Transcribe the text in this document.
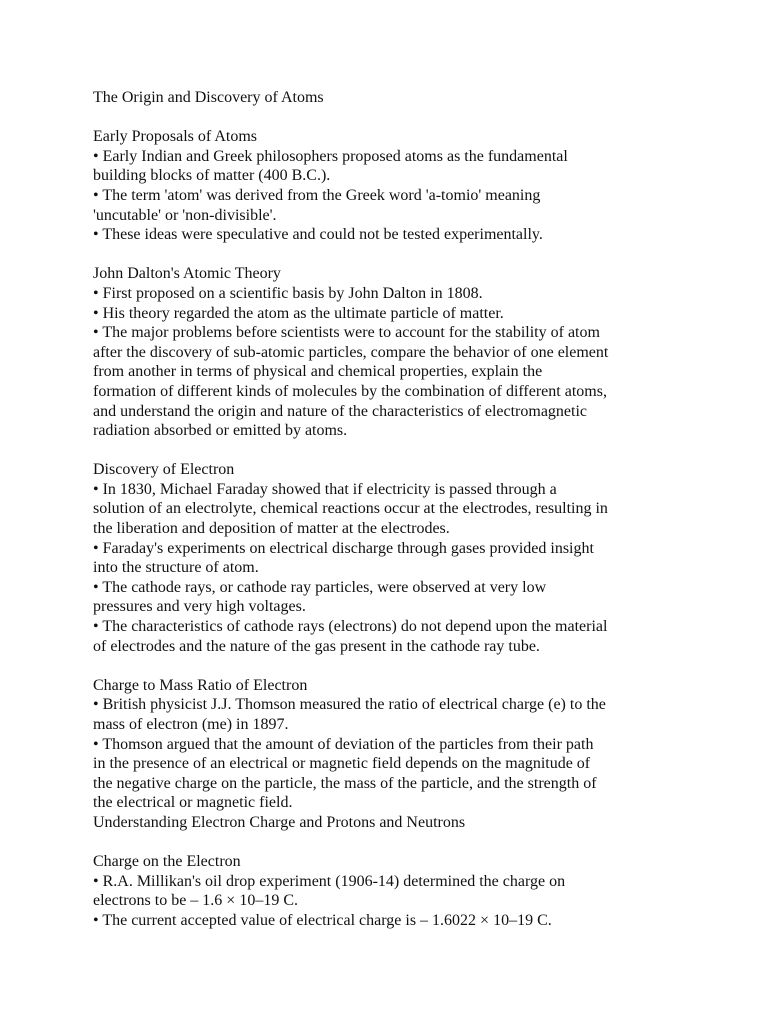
The Origin and Discovery of Atoms
Early Proposals of Atoms
• Early Indian and Greek philosophers proposed atoms as the fundamental
building blocks of matter (400 B.C.).
• The term 'atom' was derived from the Greek word 'a-tomio' meaning
'uncutable' or 'non-divisible'.
• These ideas were speculative and could not be tested experimentally.
John Dalton's Atomic Theory
• First proposed on a scientific basis by John Dalton in 1808.
• His theory regarded the atom as the ultimate particle of matter.
• The major problems before scientists were to account for the stability of atom
after the discovery of sub-atomic particles, compare the behavior of one element
from another in terms of physical and chemical properties, explain the
formation of different kinds of molecules by the combination of different atoms,
and understand the origin and nature of the characteristics of electromagnetic
radiation absorbed or emitted by atoms.
Discovery of Electron
• In 1830, Michael Faraday showed that if electricity is passed through a
solution of an electrolyte, chemical reactions occur at the electrodes, resulting in
the liberation and deposition of matter at the electrodes.
• Faraday's experiments on electrical discharge through gases provided insight
into the structure of atom.
• The cathode rays, or cathode ray particles, were observed at very low
pressures and very high voltages.
• The characteristics of cathode rays (electrons) do not depend upon the material
of electrodes and the nature of the gas present in the cathode ray tube.
Charge to Mass Ratio of Electron
• British physicist J.J. Thomson measured the ratio of electrical charge (e) to the
mass of electron (me) in 1897.
• Thomson argued that the amount of deviation of the particles from their path
in the presence of an electrical or magnetic field depends on the magnitude of
the negative charge on the particle, the mass of the particle, and the strength of
the electrical or magnetic field.
Understanding Electron Charge and Protons and Neutrons
Charge on the Electron
• R.A. Millikan's oil drop experiment (1906-14) determined the charge on
electrons to be – 1.6 × 10–19 C.
• The current accepted value of electrical charge is – 1.6022 × 10–19 C.
